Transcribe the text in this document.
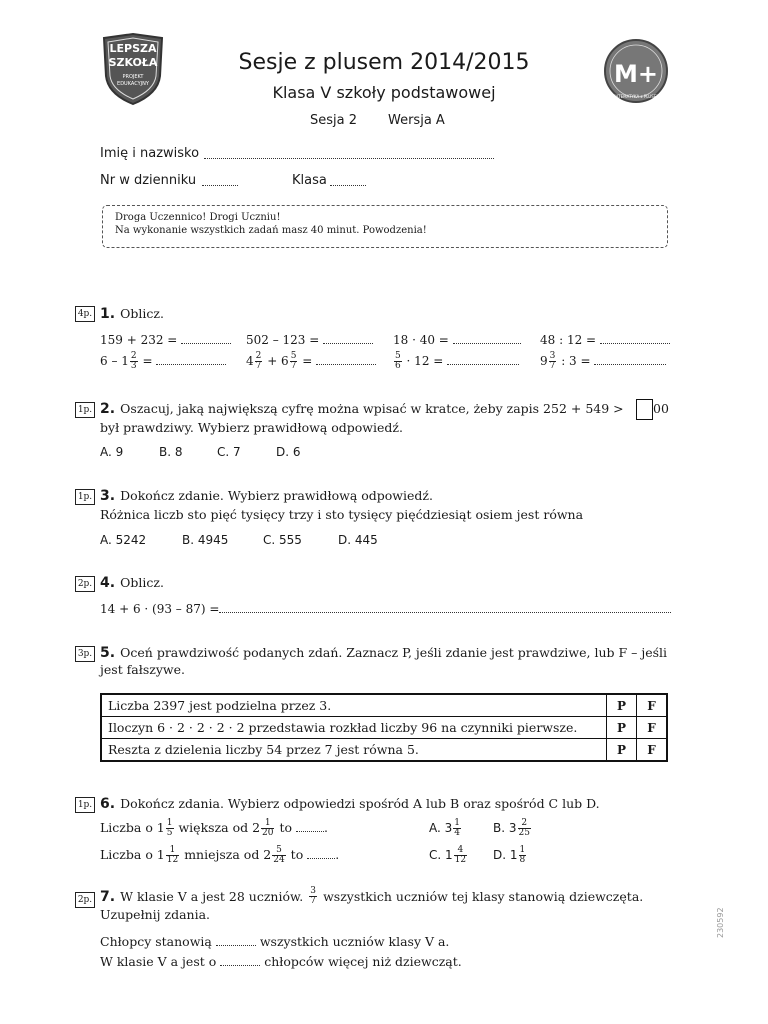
LEPSZA
SZKOŁA
PROJEKT
EDUKACYJNY	M+
MATEMATYKA z PLUSEM
Sesje z plusem 2014/2015
Klasa V szkoły podstawowej
Sesja 2 Wersja A
Imię i nazwisko
Nr w dzienniku	Klasa
Droga Uczennico! Drogi Uczniu!
Na wykonanie wszystkich zadań masz 40 minut. Powodzenia!
4p. 1. Oblicz.
159 + 232 =	502 – 123 =	18 · 40 =	48 : 12 =
$6 - 1 \frac{2}{3}$ =	$4 \frac{2}{7} + 6 \frac{5}{7}$ =	$\frac{5}{6} \cdot 12$ =	$9 \frac{3}{7}$ : 3 =
1p. 2. Oszacuj, jaką największą cyfrę można wpisać w kratce, żeby zapis 252 + 549 > 00
był prawdziwy. Wybierz prawidłową odpowiedź.
A. 9	B. 8	C. 7	D. 6
1p. 3. Dokończ zdanie. Wybierz prawidłową odpowiedź.
Różnica liczb sto pięć tysięcy trzy i sto tysięcy pięćdziesiąt osiem jest równa
A. 5242	B. 4945	C. 555	D. 445
2p. 4. Oblicz.
14 + 6 · (93 – 87) =
3p. 5. Oceń prawdziwość podanych zdań. Zaznacz P, jeśli zdanie jest prawdziwe, lub F – jeśli
jest fałszywe.
Liczba 2397 jest podzielna przez 3.	P	F
Iloczyn 6 · 2 · 2 · 2 · 2 przedstawia rozkład liczby 96 na czynniki pierwsze.	P	F
Reszta z dzielenia liczby 54 przez 7 jest równa 5.	P	F
1p. 6. Dokończ zdania. Wybierz odpowiedzi spośród A lub B oraz spośród C lub D.
Liczba o $1 \frac{1}{5}$ większa od $2 \frac{1}{20}$ to	.
Liczba o $1 \frac{1}{12}$ mniejsza od $2 \frac{5}{24}$ to	.
A. $3 \frac{1}{4}$	B. $3 \frac{2}{25}$
C. $1 \frac{4}{12} D$. $1 \frac{1}{8}$
2p. 7. W klasie V a jest 28 uczniów. $\frac{3}{7}$ wszystkich uczniów tej klasy stanowią dziewczęta.
Uzupełnij zdania.
Chłopcy stanowią	wszystkich uczniów klasy V a.
W klasie V a jest o	chłopców więcej niż dziewcząt.
230592
